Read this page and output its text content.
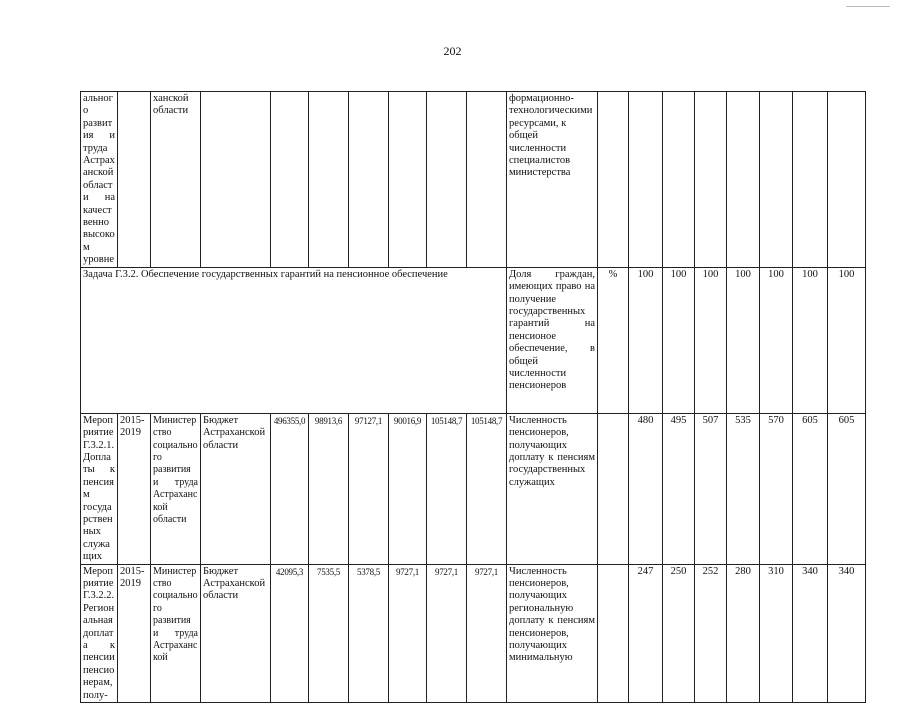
202
ального развития и труда Астраханской области на качественно высоком уровне		ханской области								формационно-технологическими ресурсами, к общей численности специалистов министерства								
Задача Г.3.2. Обеспечение государственных гарантий на пенсионное обеспечение										Доля граждан, имеющих право на получение государственных гарантий на пенсионое обеспечение, в общей численности пенсионеров	%	100	100	100	100	100	100	100
Мероприятие Г.3.2.1. Доплаты к пенсиям государственных служащих	2015-2019	Министерство социального развития и труда Астраханской области	Бюджет Астраханской области	496355,0	98913,6	97127,1	90016,9	105148,7	105148,7	Численность пенсионеров, получающих доплату к пенсиям государственных служащих		480	495	507	535	570	605	605
Мероприятие Г.3.2.2. Региональная доплата к пенсии пенсионерам, полу-	2015-2019	Министерство социального развития и труда Астраханской	Бюджет Астраханской области	42095,3	7535,5	5378,5	9727,1	9727,1	9727,1	Численность пенсионеров, получающих региональную доплату к пенсиям пенсионеров, получающих минимальную		247	250	252	280	310	340	340
